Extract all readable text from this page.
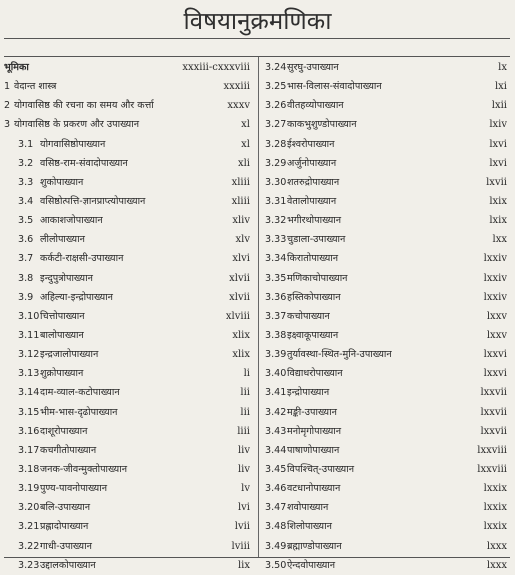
विषयानुक्रमणिका
भूमिका	xxxiii-cxxxviii
1 वेदान्त शास्त्र	xxxiii
2 योगवासिष्ठ की रचना का समय और कर्त्ता	xxxv
3 योगवासिष्ठ के प्रकरण और उपाख्यान	xl
3.1 योगवासिष्ठोपाख्यान	xl
3.2 वसिष्ठ-राम-संवादोपाख्यान	xli
3.3 शुकोपाख्यान	xliii
3.4 वसिष्ठोत्पत्ति-ज्ञानप्राप्त्योपाख्यान	xliii
3.5 आकाशजोपाख्यान	xliv
3.6 लीलोपाख्यान	xlv
3.7 कर्कटी-राक्षसी-उपाख्यान	xlvi
3.8 इन्दुपुत्रोपाख्यान	xlvii
3.9 अहिल्या-इन्द्रोपाख्यान	xlvii
3.10 चित्तोपाख्यान	xlviii
3.11 बालोपाख्यान	xlix
3.12 इन्द्रजालोपाख्यान	xlix
3.13 शुक्रोपाख्यान	li
3.14 दाम-व्याल-कटोपाख्यान	lii
3.15 भीम-भास-दृढोपाख्यान	lii
3.16 दाशूरोपाख्यान	liii
3.17 कचगीतोपाख्यान	liv
3.18 जनक-जीवन्मुक्तोपाख्यान	liv
3.19 पुण्य-पावनोपाख्यान	lv
3.20 बलि-उपाख्यान	lvi
3.21 प्रह्लादोपाख्यान	lvii
3.22 गाधी-उपाख्यान	lviii
3.23 उद्दालकोपाख्यान	lix
3.24 सुरघु-उपाख्यान	lx
3.25 भास-विलास-संवादोपाख्यान	lxi
3.26 वीतहव्योपाख्यान	lxii
3.27 काकभुशुण्डोपाख्यान	lxiv
3.28 ईश्वरोपाख्यान	lxvi
3.29 अर्जुनोपाख्यान	lxvi
3.30 शतरुद्रोपाख्यान	lxvii
3.31 वेतालोपाख्यान	lxix
3.32 भगीरथोपाख्यान	lxix
3.33 चुडाला-उपाख्यान	lxx
3.34 किरातोपाख्यान	lxxiv
3.35 मणिकाचोपाख्यान	lxxiv
3.36 हस्तिकोपाख्यान	lxxiv
3.37 कचोपाख्यान	lxxv
3.38 इक्ष्वाकूपाख्यान	lxxv
3.39 तुर्यावस्था-स्थित-मुनि-उपाख्यान	lxxvi
3.40 विद्याधरोपाख्यान	lxxvi
3.41 इन्द्रोपाख्यान	lxxvii
3.42 मङ्की-उपाख्यान	lxxvii
3.43 मनोमृगोपाख्यान	lxxvii
3.44 पाषाणोपाख्यान	lxxviii
3.45 विपश्चित्-उपाख्यान	lxxviii
3.46 वटधानोपाख्यान	lxxix
3.47 शवोपाख्यान	lxxix
3.48 शिलोपाख्यान	lxxix
3.49 ब्रह्माण्डोपाख्यान	lxxx
3.50 ऐन्दवोपाख्यान	lxxx
